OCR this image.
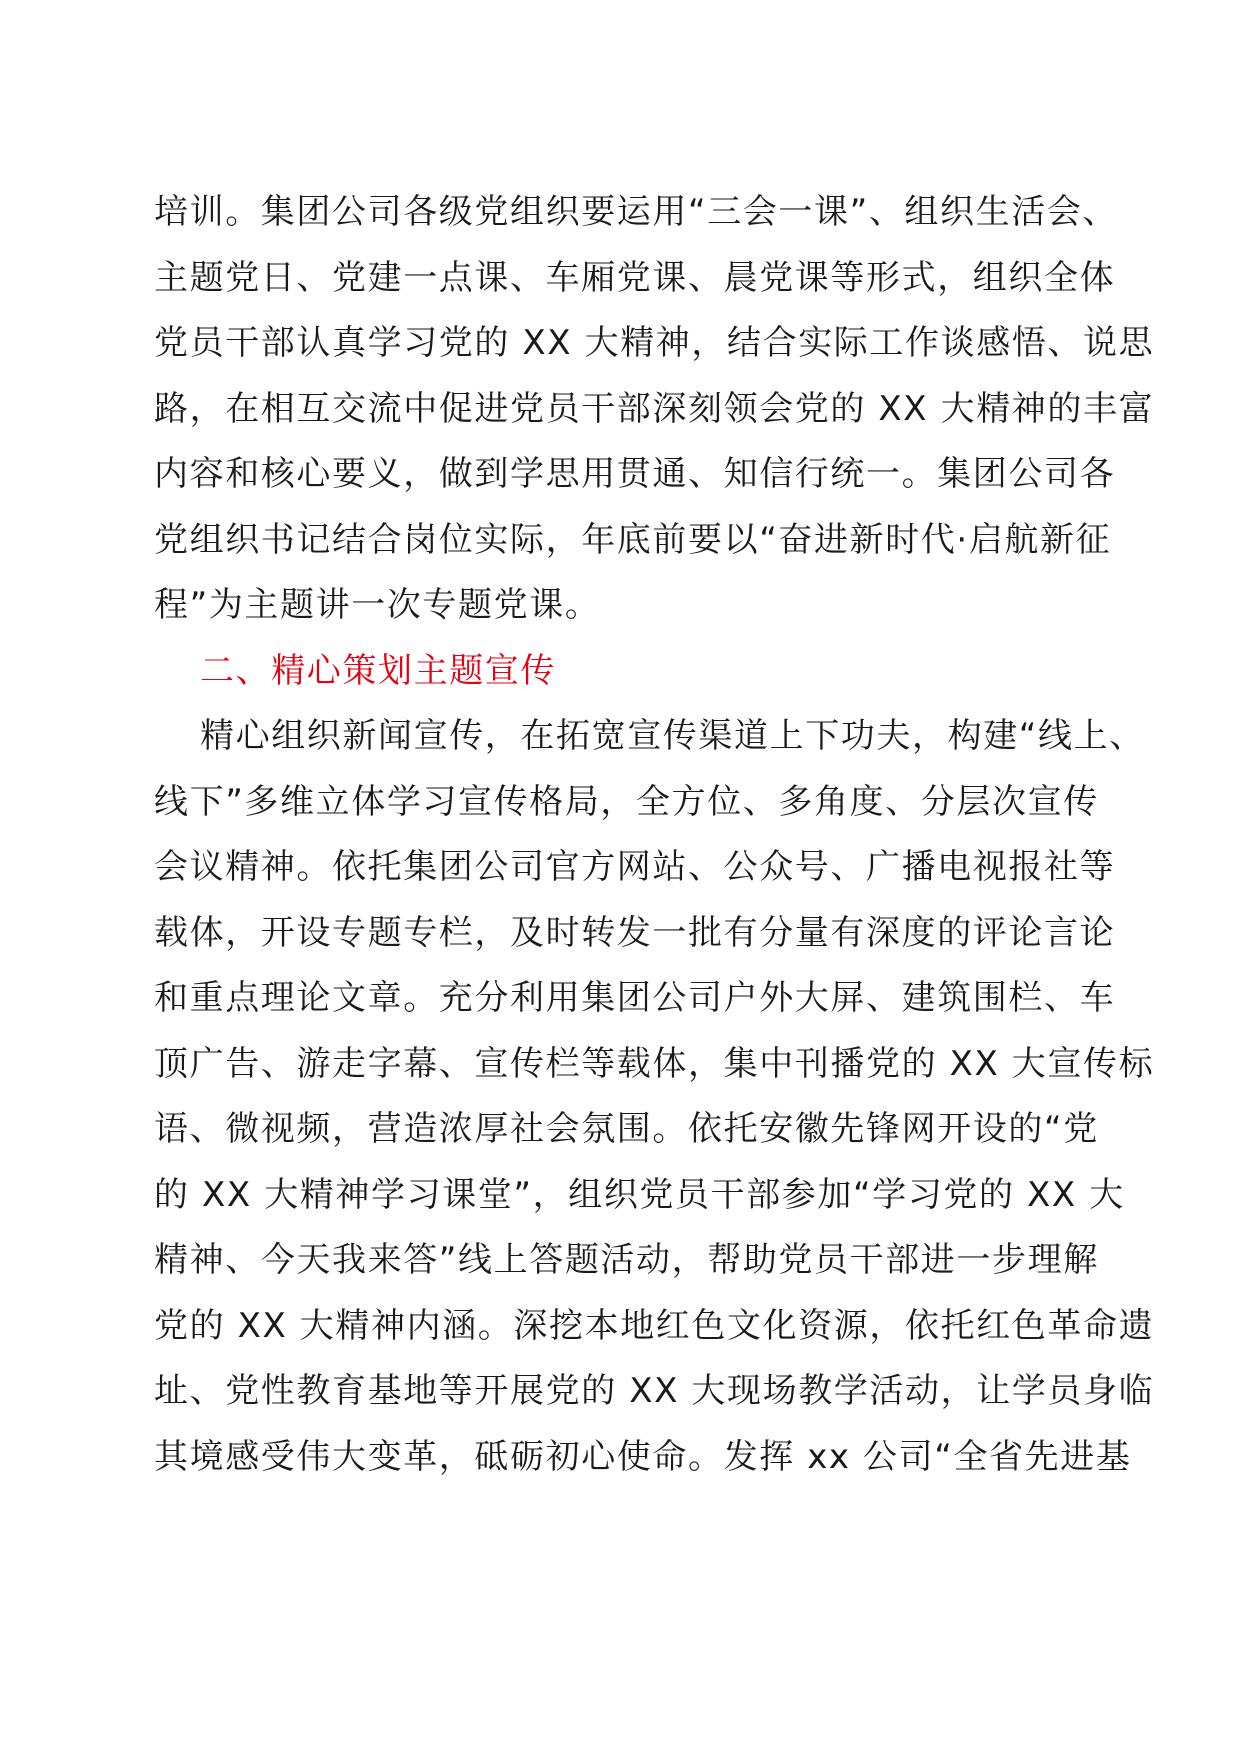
培训。集团公司各级党组织要运用“三会一课”、组织生活会、
主题党日、党建一点课、车厢党课、晨党课等形式，组织全体
党员干部认真学习党的 XX 大精神，结合实际工作谈感悟、说思
路，在相互交流中促进党员干部深刻领会党的 XX 大精神的丰富
内容和核心要义，做到学思用贯通、知信行统一。集团公司各
党组织书记结合岗位实际，年底前要以“奋进新时代·启航新征
程”为主题讲一次专题党课。
二、精心策划主题宣传
精心组织新闻宣传，在拓宽宣传渠道上下功夫，构建“线上、
线下”多维立体学习宣传格局，全方位、多角度、分层次宣传
会议精神。依托集团公司官方网站、公众号、广播电视报社等
载体，开设专题专栏，及时转发一批有分量有深度的评论言论
和重点理论文章。充分利用集团公司户外大屏、建筑围栏、车
顶广告、游走字幕、宣传栏等载体，集中刊播党的 XX 大宣传标
语、微视频，营造浓厚社会氛围。依托安徽先锋网开设的“党
的 XX 大精神学习课堂”，组织党员干部参加“学习党的 XX 大
精神、今天我来答”线上答题活动，帮助党员干部进一步理解
党的 XX 大精神内涵。深挖本地红色文化资源，依托红色革命遗
址、党性教育基地等开展党的 XX 大现场教学活动，让学员身临
其境感受伟大变革，砥砺初心使命。发挥 xx 公司“全省先进基
